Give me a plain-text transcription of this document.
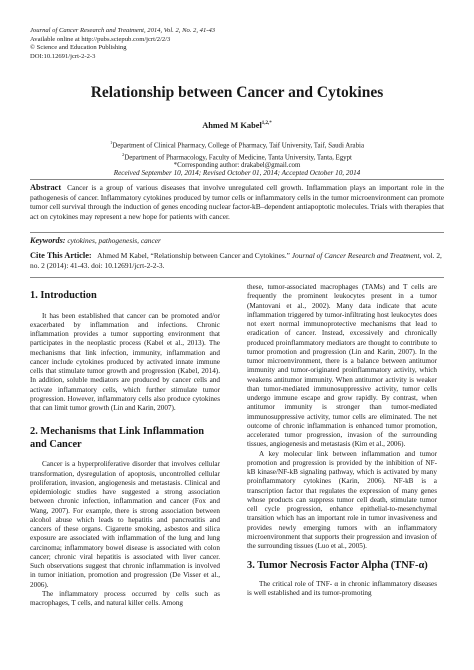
Journal of Cancer Research and Treatment, 2014, Vol. 2, No. 2, 41-43
Available online at http://pubs.sciepub.com/jcrt/2/2/3
© Science and Education Publishing
DOI:10.12691/jcrt-2-2-3
Relationship between Cancer and Cytokines
Ahmed M Kabel$^{1,2,*}$
$^1$Department of Clinical Pharmacy, College of Pharmacy, Taif University, Taif, Saudi Arabia
$^2$Department of Pharmacology, Faculty of Medicine, Tanta University, Tanta, Egypt
*Corresponding author: drakabel@gmail.com
Received September 10, 2014; Revised October 01, 2014; Accepted October 10, 2014
Abstract Cancer is a group of various diseases that involve unregulated cell growth. Inflammation plays an important role in the pathogenesis of cancer. Inflammatory cytokines produced by tumor cells or inflammatory cells in the tumor microenvironment can promote tumor cell survival through the induction of genes encoding nuclear factor-kB–dependent antiapoptotic molecules. Trials with therapies that act on cytokines may represent a new hope for patients with cancer.
Keywords: cytokines, pathogenesis, cancer
Cite This Article: Ahmed M Kabel, “Relationship between Cancer and Cytokines.” Journal of Cancer Research and Treatment, vol. 2, no. 2 (2014): 41-43. doi: 10.12691/jcrt-2-2-3.
1. Introduction

It has been established that cancer can be promoted and/or exacerbated by inflammation and infections. Chronic inflammation provides a tumor supporting environment that participates in the neoplastic process (Kabel et al., 2013). The mechanisms that link infection, immunity, inflammation and cancer include cytokines produced by activated innate immune cells that stimulate tumor growth and progression (Kabel, 2014). In addition, soluble mediators are produced by cancer cells and activate inflammatory cells, which further stimulate tumor progression. However, inflammatory cells also produce cytokines that can limit tumor growth (Lin and Karin, 2007).

2. Mechanisms that Link Inflammation and Cancer

Cancer is a hyperproliferative disorder that involves cellular transformation, dysregulation of apoptosis, uncontrolled cellular proliferation, invasion, angiogenesis and metastasis. Clinical and epidemiologic studies have suggested a strong association between chronic infection, inflammation and cancer (Fox and Wang, 2007). For example, there is strong association between alcohol abuse which leads to hepatitis and pancreatitis and cancers of these organs. Cigarette smoking, asbestos and silica exposure are associated with inflammation of the lung and lung carcinoma; inflammatory bowel disease is associated with colon cancer; chronic viral hepatitis is associated with liver cancer. Such observations suggest that chronic inflammation is involved in tumor initiation, promotion and progression (De Visser et al., 2006).

The inflammatory process occurred by cells such as macrophages, T cells, and natural killer cells. Among

these, tumor-associated macrophages (TAMs) and T cells are frequently the prominent leukocytes present in a tumor (Mantovani et al., 2002). Many data indicate that acute inflammation triggered by tumor-infiltrating host leukocytes does not exert normal immunoprotective mechanisms that lead to eradication of cancer. Instead, excessively and chronically produced proinflammatory mediators are thought to contribute to tumor promotion and progression (Lin and Karin, 2007). In the tumor microenvironment, there is a balance between antitumor immunity and tumor-originated proinflammatory activity, which weakens antitumor immunity. When antitumor activity is weaker than tumor-mediated immunosuppressive activity, tumor cells undergo immune escape and grow rapidly. By contrast, when antitumor immunity is stronger than tumor-mediated immunosuppressive activity, tumor cells are eliminated. The net outcome of chronic inflammation is enhanced tumor promotion, accelerated tumor progression, invasion of the surrounding tissues, angiogenesis and metastasis (Kim et al., 2006).

A key molecular link between inflammation and tumor promotion and progression is provided by the inhibition of NF-kB kinase/NF-kB signaling pathway, which is activated by many proinflammatory cytokines (Karin, 2006). NF-kB is a transcription factor that regulates the expression of many genes whose products can suppress tumor cell death, stimulate tumor cell cycle progression, enhance epithelial-to-mesenchymal transition which has an important role in tumor invasiveness and provides newly emerging tumors with an inflammatory microenvironment that supports their progression and invasion of the surrounding tissues (Luo et al., 2005).

3. Tumor Necrosis Factor Alpha (TNF-α)

The critical role of TNF- α in chronic inflammatory diseases is well established and its tumor-promoting
